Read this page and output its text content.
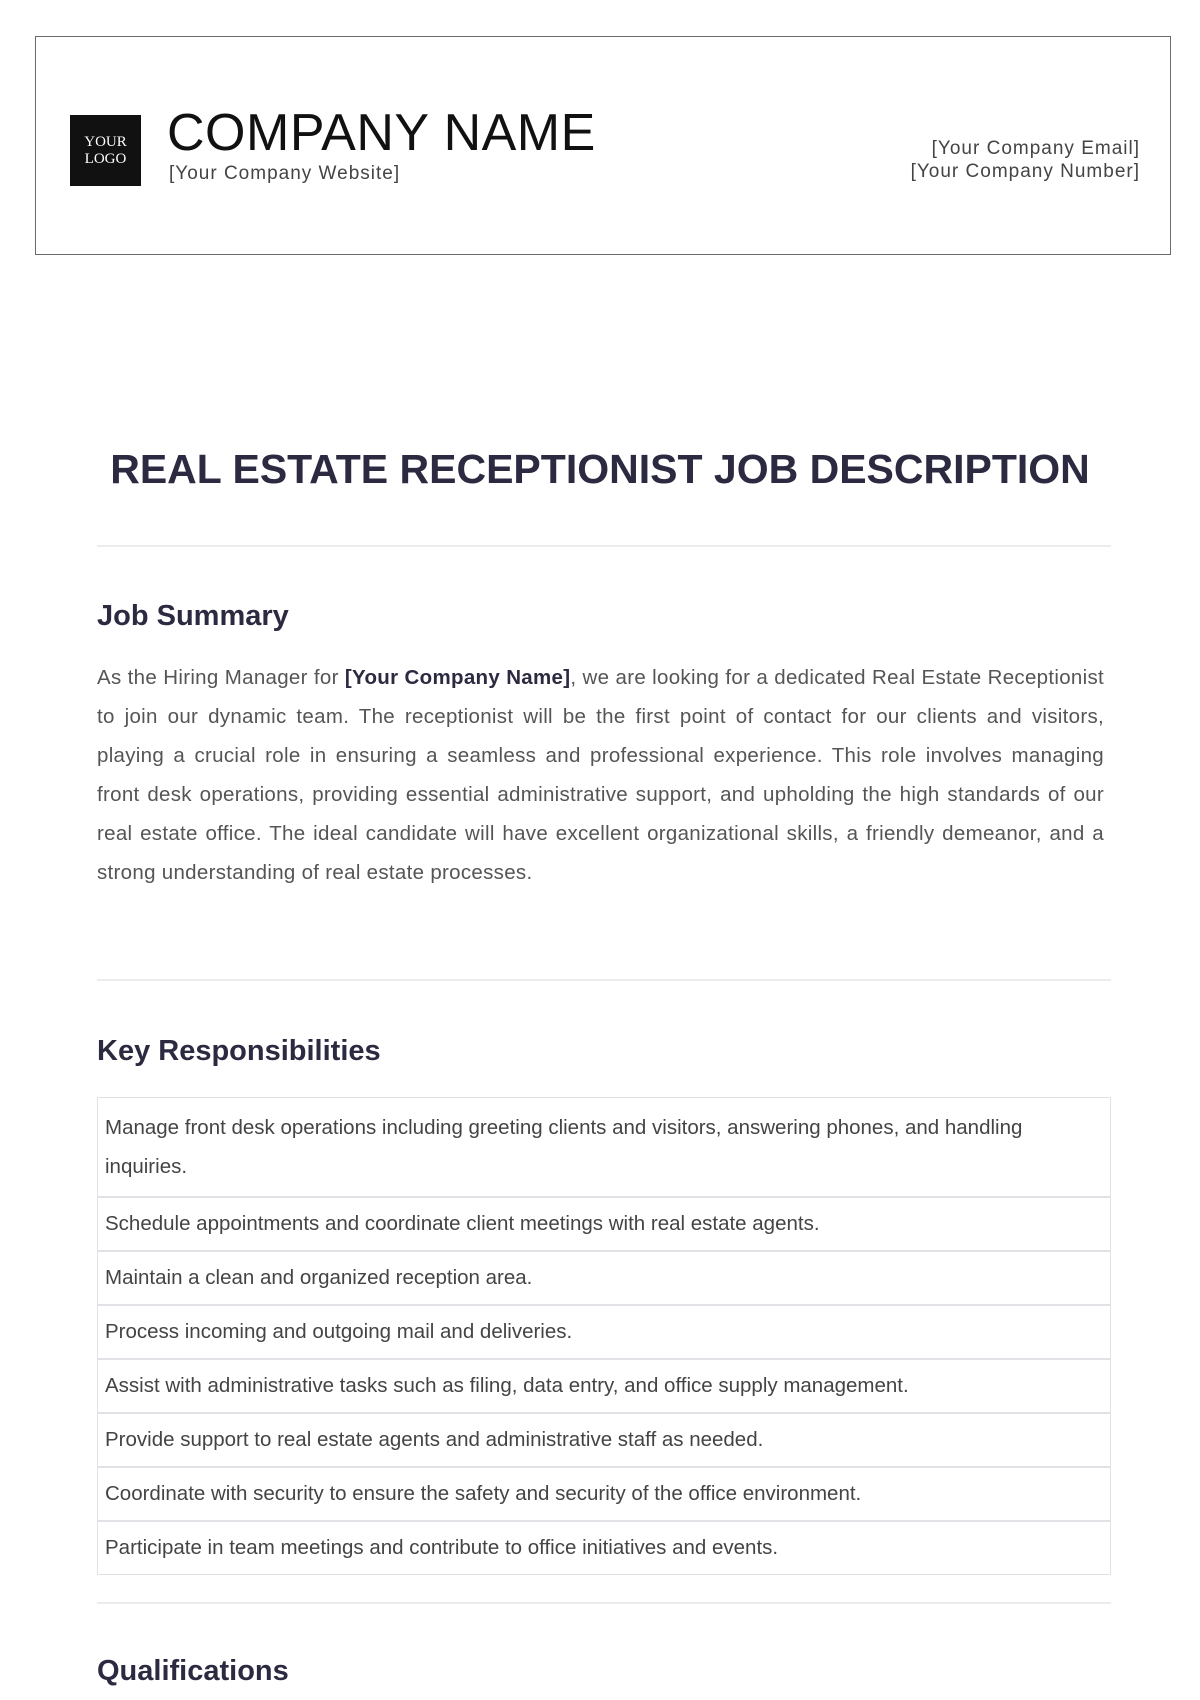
YOUR
LOGO COMPANY NAME
[Your Company Website]
[Your Company Email]
[Your Company Number]
REAL ESTATE RECEPTIONIST JOB DESCRIPTION
Job Summary
As the Hiring Manager for [Your Company Name], we are looking for a dedicated Real Estate Receptionist to join our dynamic team. The receptionist will be the first point of contact for our clients and visitors, playing a crucial role in ensuring a seamless and professional experience. This role involves managing front desk operations, providing essential administrative support, and upholding the high standards of our real estate office. The ideal candidate will have excellent organizational skills, a friendly demeanor, and a strong understanding of real estate processes.
Key Responsibilities
Manage front desk operations including greeting clients and visitors, answering phones, and handling inquiries.
Schedule appointments and coordinate client meetings with real estate agents.
Maintain a clean and organized reception area.
Process incoming and outgoing mail and deliveries.
Assist with administrative tasks such as filing, data entry, and office supply management.
Provide support to real estate agents and administrative staff as needed.
Coordinate with security to ensure the safety and security of the office environment.
Participate in team meetings and contribute to office initiatives and events.
Qualifications
